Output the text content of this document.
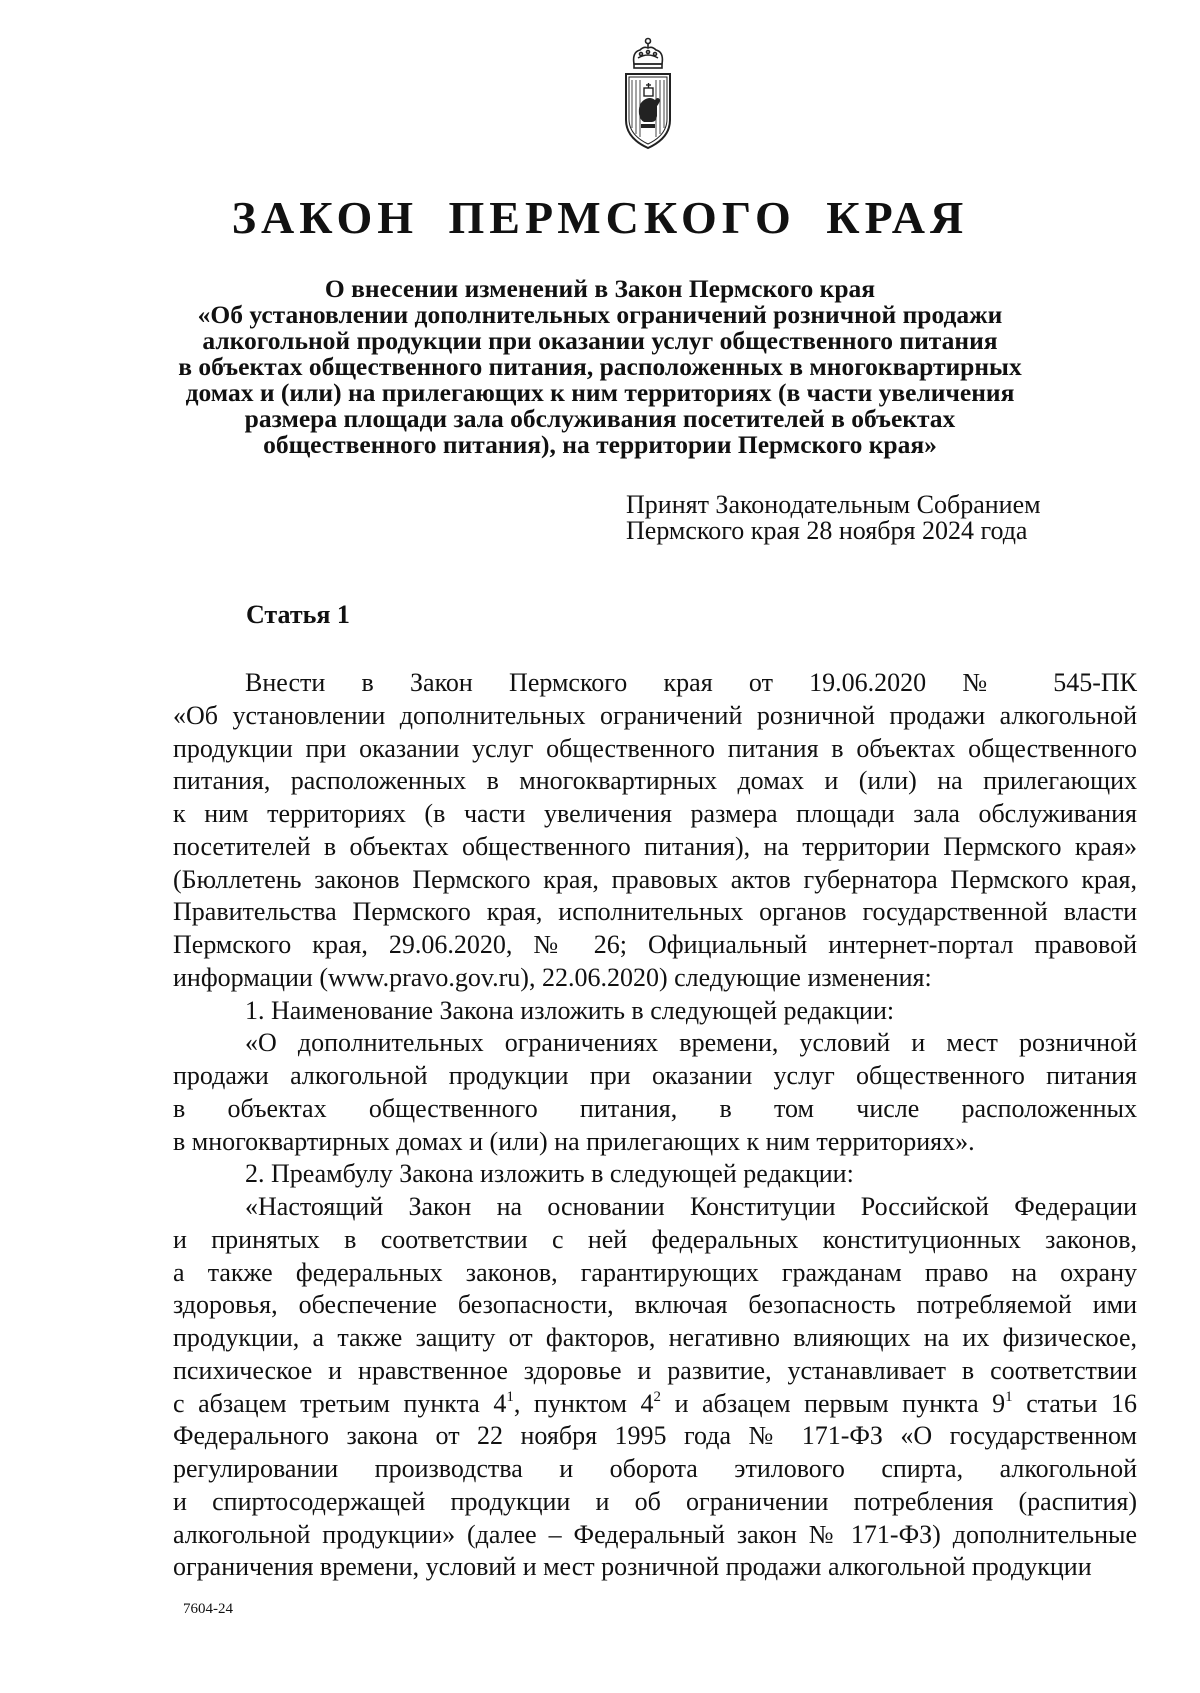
ЗАКОН ПЕРМСКОГО КРАЯ
О внесении изменений в Закон Пермского края
«Об установлении дополнительных ограничений розничной продажи
алкогольной продукции при оказании услуг общественного питания
в объектах общественного питания, расположенных в многоквартирных
домах и (или) на прилегающих к ним территориях (в части увеличения
размера площади зала обслуживания посетителей в объектах
общественного питания), на территории Пермского края»
Принят Законодательным Собранием
Пермского края 28 ноября 2024 года
Статья 1
Внести в Закон Пермского края от 19.06.2020 № 545-ПК
«Об установлении дополнительных ограничений розничной продажи алкогольной
продукции при оказании услуг общественного питания в объектах общественного
питания, расположенных в многоквартирных домах и (или) на прилегающих
к ним территориях (в части увеличения размера площади зала обслуживания
посетителей в объектах общественного питания), на территории Пермского края»
(Бюллетень законов Пермского края, правовых актов губернатора Пермского края,
Правительства Пермского края, исполнительных органов государственной власти
Пермского края, 29.06.2020, № 26; Официальный интернет-портал правовой
информации (www.pravo.gov.ru), 22.06.2020) следующие изменения:
1. Наименование Закона изложить в следующей редакции:
«О дополнительных ограничениях времени, условий и мест розничной
продажи алкогольной продукции при оказании услуг общественного питания
в объектах общественного питания, в том числе расположенных
в многоквартирных домах и (или) на прилегающих к ним территориях».
2. Преамбулу Закона изложить в следующей редакции:
«Настоящий Закон на основании Конституции Российской Федерации
и принятых в соответствии с ней федеральных конституционных законов,
а также федеральных законов, гарантирующих гражданам право на охрану
здоровья, обеспечение безопасности, включая безопасность потребляемой ими
продукции, а также защиту от факторов, негативно влияющих на их физическое,
психическое и нравственное здоровье и развитие, устанавливает в соответствии
с абзацем третьим пункта $4^1$, пунктом $4^2$ и абзацем первым пункта $9^1$ статьи 16
Федерального закона от 22 ноября 1995 года № 171-ФЗ «О государственном
регулировании производства и оборота этилового спирта, алкогольной
и спиртосодержащей продукции и об ограничении потребления (распития)
алкогольной продукции» (далее – Федеральный закон № 171-ФЗ) дополнительные
ограничения времени, условий и мест розничной продажи алкогольной продукции
7604-24
